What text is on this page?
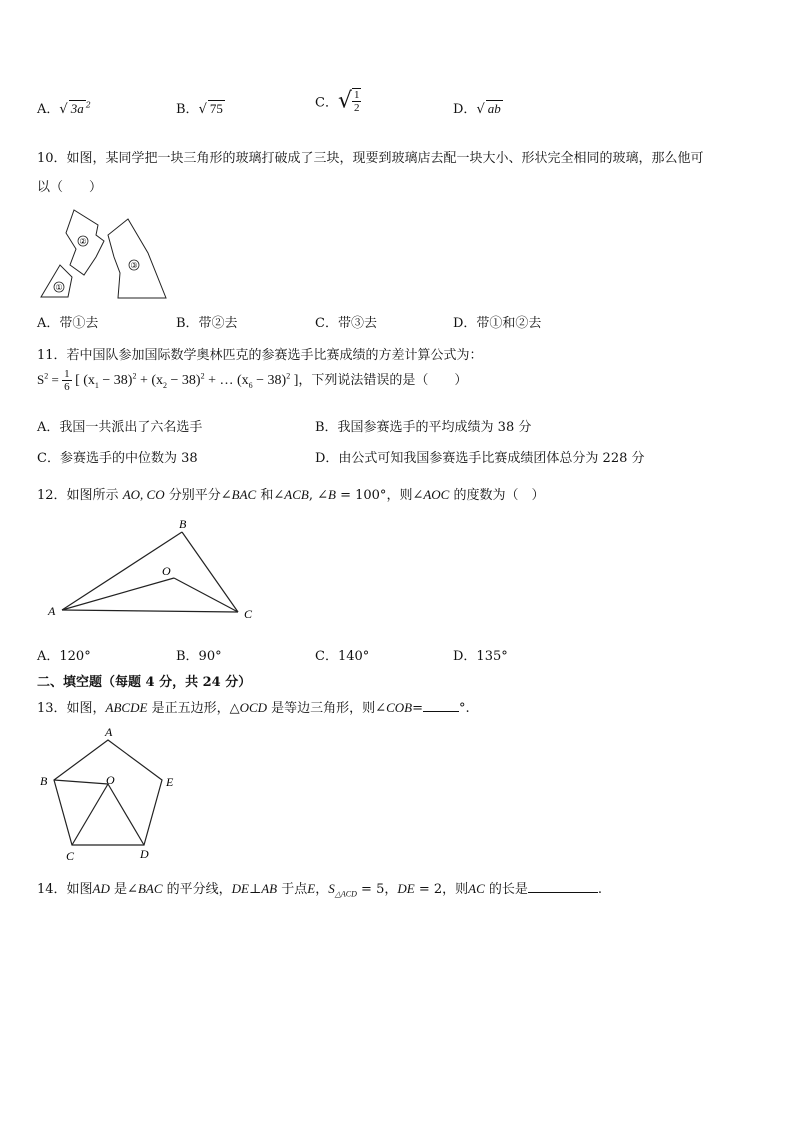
A．√ 3a $^2$	B．√ 75	C．√ $\frac{1}{2}$	D．√ ab
10．如图，某同学把一块三角形的玻璃打破成了三块，现要到玻璃店去配一块大小、形状完全相同的玻璃，那么他可
以（　　）
①
②
③
A．带①去	B．带②去	C．带③去	D．带①和②去
11．若中国队参加国际数学奥林匹克的参赛选手比赛成绩的方差计算公式为：
$S^2 = \frac{1}{6}$ [ $(x_1 - 38)^2 + (x_2 - 38)^2$ + … $(x_6 - 38)^2$ ]，下列说法错误的是（　　）
A．我国一共派出了六名选手	B．我国参赛选手的平均成绩为 38 分
C．参赛选手的中位数为 38	D．由公式可知我国参赛选手比赛成绩团体总分为 228 分
12．如图所示 AO, CO 分别平分∠BAC 和∠ACB, ∠B = 100°，则∠AOC 的度数为（　）
A
B
C
O
A．120°	B．90°	C．140°	D．135°
二、填空题（每题 4 分，共 24 分）
13．如图，ABCDE 是正五边形，△OCD 是等边三角形，则∠COB=	°.
A
B
C	D
E
O
14．如图AD 是∠BAC 的平分线，DE⊥AB 于点E，$S_{\triangle ACD} = 5$，DE = 2，则AC 的长是	.
